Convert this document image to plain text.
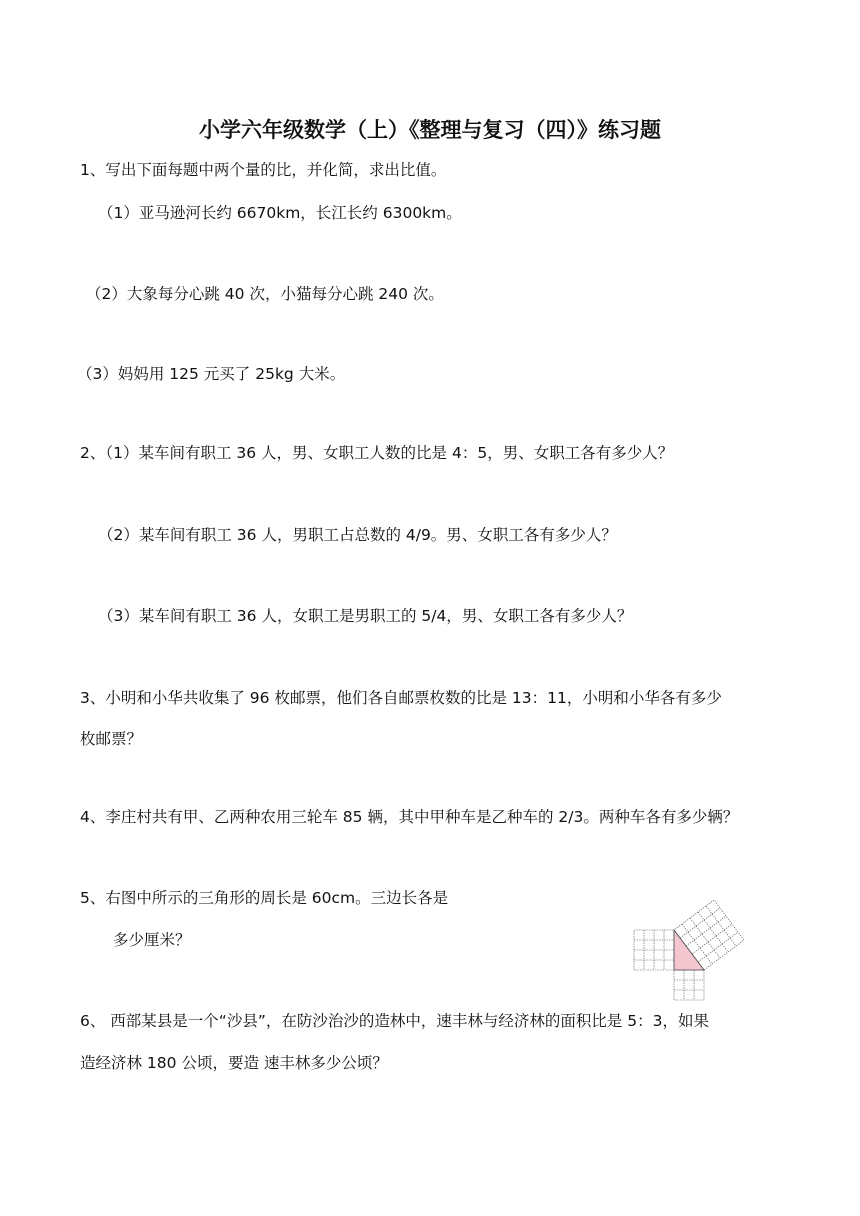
小学六年级数学（上）《整理与复习（四）》练习题
1、写出下面每题中两个量的比，并化简，求出比值。
（1）亚马逊河长约 6670km，长江长约 6300km。
（2）大象每分心跳 40 次，小猫每分心跳 240 次。
（3）妈妈用 125 元买了 25kg 大米。
2、（1）某车间有职工 36 人，男、女职工人数的比是 4：5，男、女职工各有多少人？
（2）某车间有职工 36 人，男职工占总数的 4/9。男、女职工各有多少人？
（3）某车间有职工 36 人，女职工是男职工的 5/4，男、女职工各有多少人？
3、小明和小华共收集了 96 枚邮票，他们各自邮票枚数的比是 13：11，小明和小华各有多少
枚邮票？
4、李庄村共有甲、乙两种农用三轮车 85 辆，其中甲种车是乙种车的 2/3。两种车各有多少辆？
5、右图中所示的三角形的周长是 60cm。三边长各是
多少厘米？
6、 西部某县是一个“沙县”，在防沙治沙的造林中，速丰林与经济林的面积比是 5：3，如果
造经济林 180 公顷，要造 速丰林多少公顷？
